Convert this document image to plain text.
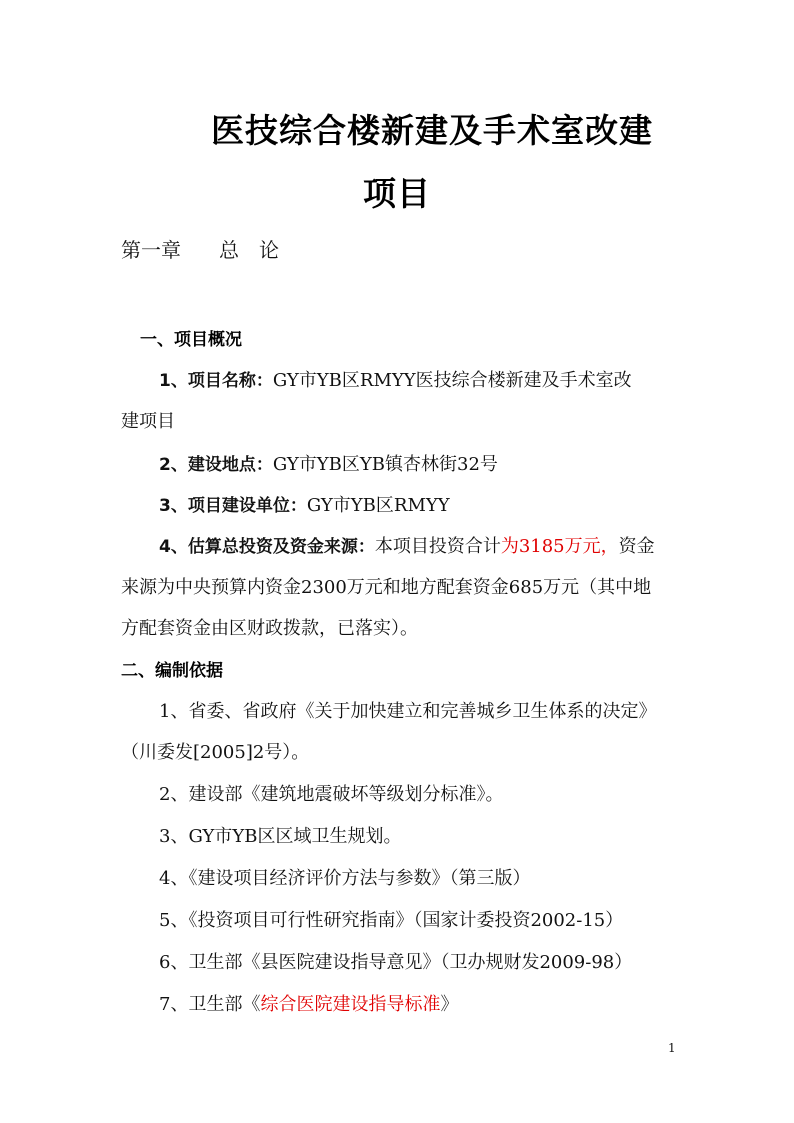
医技综合楼新建及手术室改建
项目
第一章 总 论
一、项目概况
1、项目名称：GY市YB区RMYY医技综合楼新建及手术室改
建项目
2、建设地点：GY市YB区YB镇杏林街32号
3、项目建设单位：GY市YB区RMYY
4、估算总投资及资金来源：本项目投资合计为3185万元，资金
来源为中央预算内资金2300万元和地方配套资金685万元（其中地
方配套资金由区财政拨款，已落实）。
二、编制依据
1、省委、省政府《关于加快建立和完善城乡卫生体系的决定》
（川委发[2005]2号）。
2、建设部《建筑地震破坏等级划分标准》。
3、GY市YB区区域卫生规划。
4、《建设项目经济评价方法与参数》（第三版）
5、《投资项目可行性研究指南》（国家计委投资2002-15）
6、卫生部《县医院建设指导意见》（卫办规财发2009-98）
7、卫生部《综合医院建设指导标准》
1
